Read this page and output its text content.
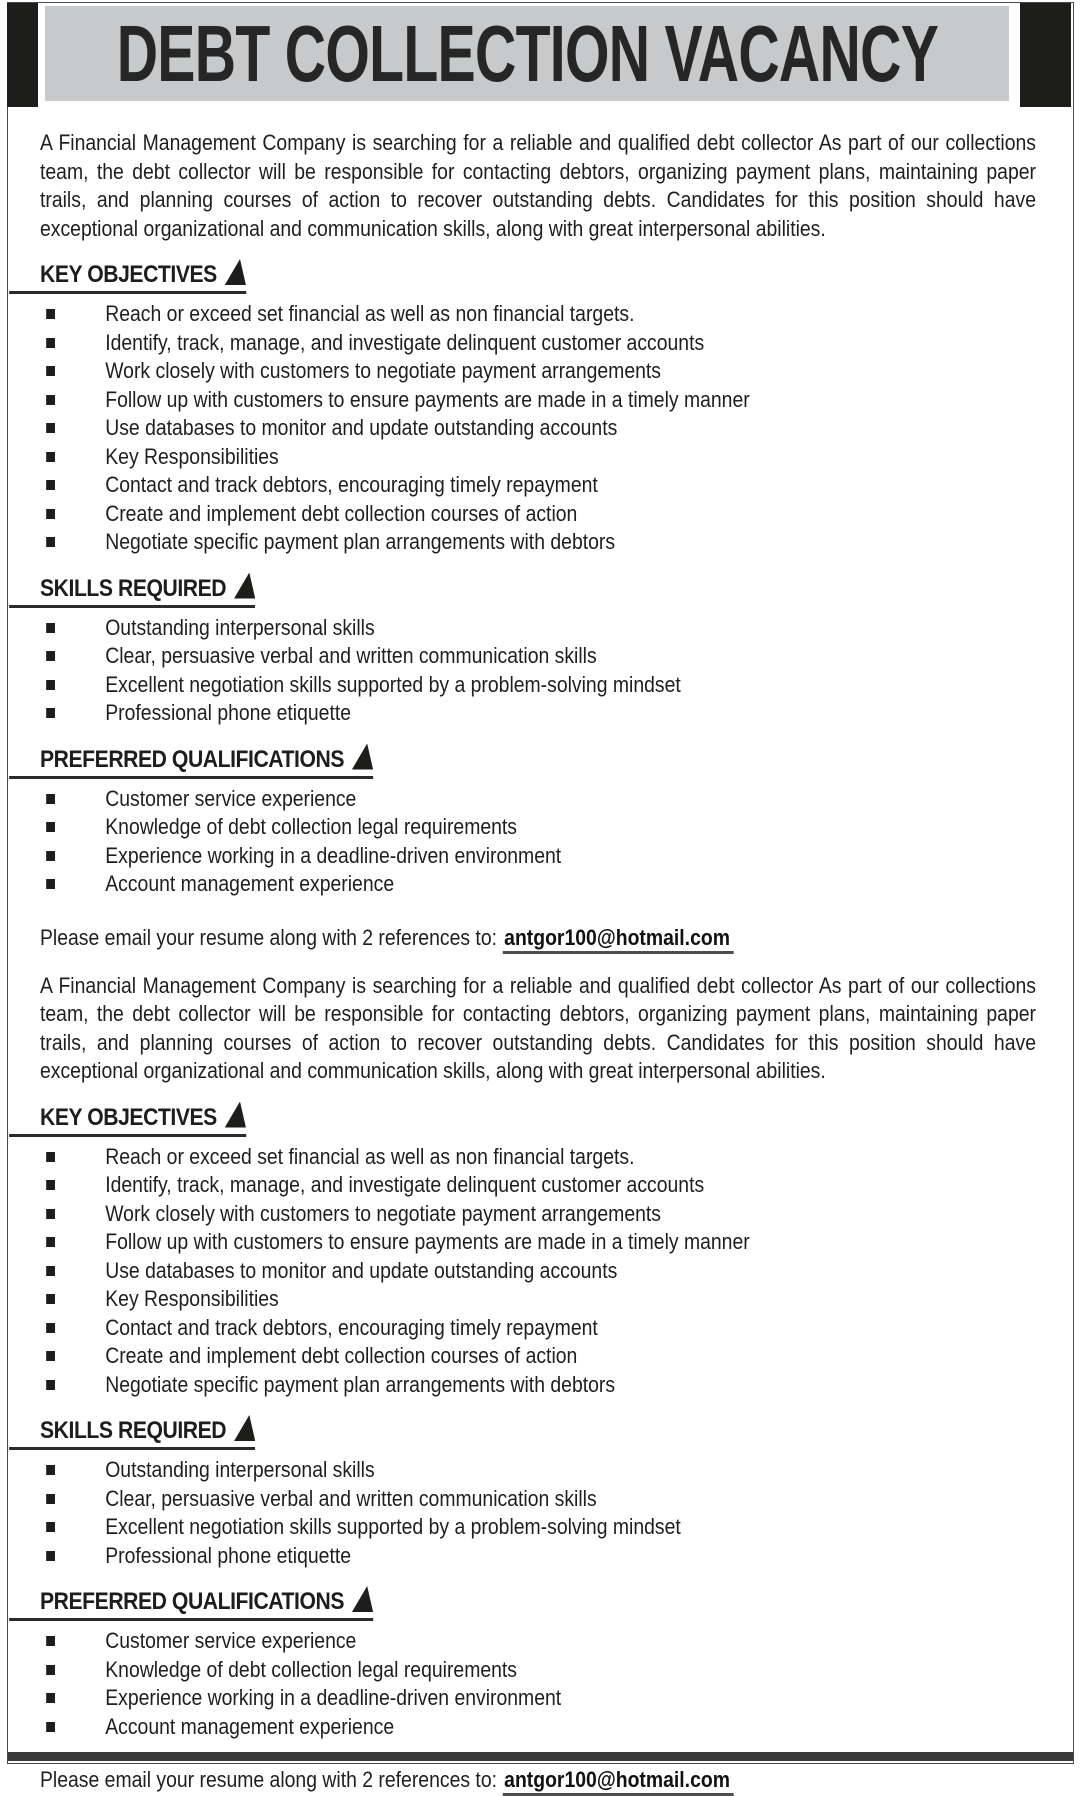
DEBT COLLECTION VACANCY

A Financial Management Company is searching for a reliable and qualified debt collector As part of our collections team, the debt collector will be responsible for contacting debtors, organizing payment plans, maintaining paper trails, and planning courses of action to recover outstanding debts. Candidates for this position should have exceptional organizational and communication skills, along with great interpersonal abilities.

KEY OBJECTIVES
Reach or exceed set financial as well as non financial targets.
Identify, track, manage, and investigate delinquent customer accounts
Work closely with customers to negotiate payment arrangements
Follow up with customers to ensure payments are made in a timely manner
Use databases to monitor and update outstanding accounts
Key Responsibilities
Contact and track debtors, encouraging timely repayment
Create and implement debt collection courses of action
Negotiate specific payment plan arrangements with debtors
SKILLS REQUIRED
Outstanding interpersonal skills
Clear, persuasive verbal and written communication skills
Excellent negotiation skills supported by a problem-solving mindset
Professional phone etiquette
PREFERRED QUALIFICATIONS
Customer service experience
Knowledge of debt collection legal requirements
Experience working in a deadline-driven environment
Account management experience

Please email your resume along with 2 references to: antgor100@hotmail.com

A Financial Management Company is searching for a reliable and qualified debt collector As part of our collections team, the debt collector will be responsible for contacting debtors, organizing payment plans, maintaining paper trails, and planning courses of action to recover outstanding debts. Candidates for this position should have exceptional organizational and communication skills, along with great interpersonal abilities.

KEY OBJECTIVES
Reach or exceed set financial as well as non financial targets.
Identify, track, manage, and investigate delinquent customer accounts
Work closely with customers to negotiate payment arrangements
Follow up with customers to ensure payments are made in a timely manner
Use databases to monitor and update outstanding accounts
Key Responsibilities
Contact and track debtors, encouraging timely repayment
Create and implement debt collection courses of action
Negotiate specific payment plan arrangements with debtors
SKILLS REQUIRED
Outstanding interpersonal skills
Clear, persuasive verbal and written communication skills
Excellent negotiation skills supported by a problem-solving mindset
Professional phone etiquette
PREFERRED QUALIFICATIONS
Customer service experience
Knowledge of debt collection legal requirements
Experience working in a deadline-driven environment
Account management experience

Please email your resume along with 2 references to: antgor100@hotmail.com
